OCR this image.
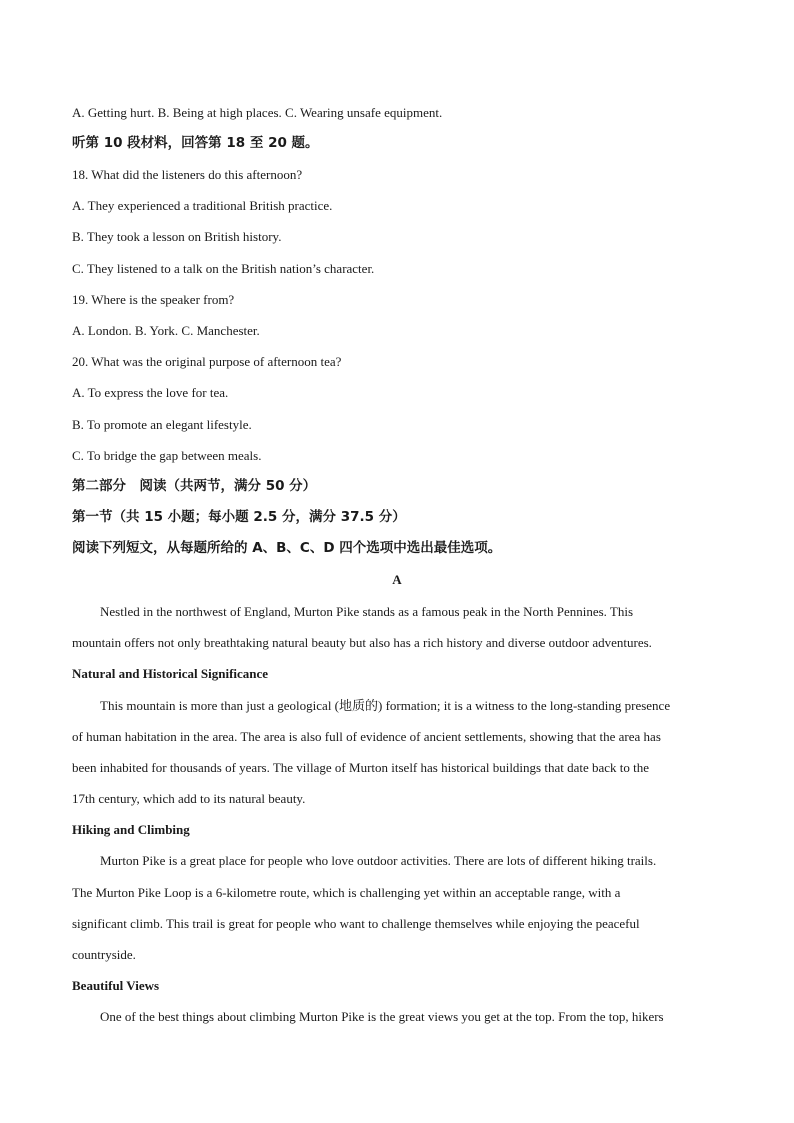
A. Getting hurt. B. Being at high places. C. Wearing unsafe equipment.
听第 10 段材料，回答第 18 至 20 题。
18. What did the listeners do this afternoon?
A. They experienced a traditional British practice.
B. They took a lesson on British history.
C. They listened to a talk on the British nation’s character.
19. Where is the speaker from?
A. London. B. York. C. Manchester.
20. What was the original purpose of afternoon tea?
A. To express the love for tea.
B. To promote an elegant lifestyle.
C. To bridge the gap between meals.
第二部分　阅读（共两节，满分 50 分）
第一节（共 15 小题；每小题 2.5 分，满分 37.5 分）
阅读下列短文，从每题所给的 A、B、C、D 四个选项中选出最佳选项。
A
Nestled in the northwest of England, Murton Pike stands as a famous peak in the North Pennines. This
mountain offers not only breathtaking natural beauty but also has a rich history and diverse outdoor adventures.
Natural and Historical Significance
This mountain is more than just a geological (地质的) formation; it is a witness to the long-standing presence
of human habitation in the area. The area is also full of evidence of ancient settlements, showing that the area has
been inhabited for thousands of years. The village of Murton itself has historical buildings that date back to the
17th century, which add to its natural beauty.
Hiking and Climbing
Murton Pike is a great place for people who love outdoor activities. There are lots of different hiking trails.
The Murton Pike Loop is a 6-kilometre route, which is challenging yet within an acceptable range, with a
significant climb. This trail is great for people who want to challenge themselves while enjoying the peaceful
countryside.
Beautiful Views
One of the best things about climbing Murton Pike is the great views you get at the top. From the top, hikers
